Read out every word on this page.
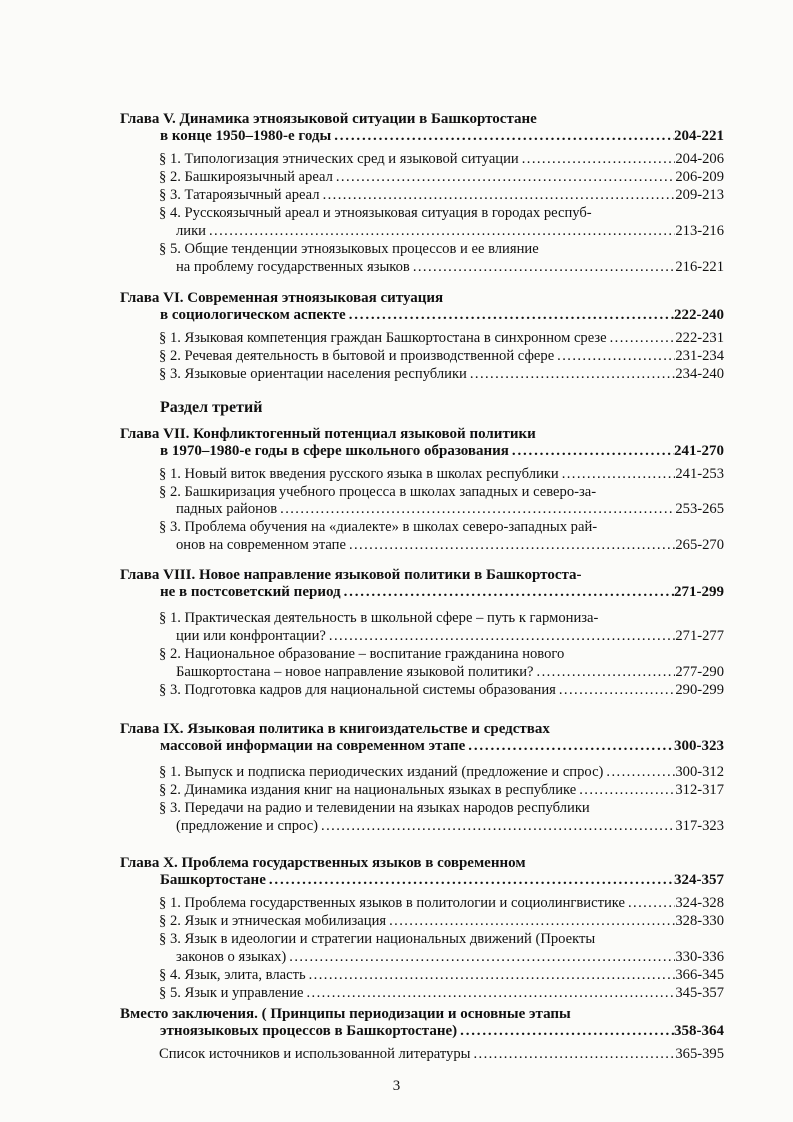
Глава V. Динамика этноязыковой ситуации в Башкортостане
в конце 1950–1980-е годы .....	204-221
§ 1. Типологизация этнических сред и языковой ситуации .....	204-206
§ 2. Башкироязычный ареал .....	206-209
§ 3. Татароязычный ареал .....	209-213
§ 4. Русскоязычный ареал и этноязыковая ситуация в городах респуб-
лики .....	213-216
§ 5. Общие тенденции этноязыковых процессов и ее влияние
на проблему государственных языков .....	216-221
Глава VI. Современная этноязыковая ситуация
в социологическом аспекте .....	222-240
§ 1. Языковая компетенция граждан Башкортостана в синхронном срезе .....	222-231
§ 2. Речевая деятельность в бытовой и производственной сфере .....	231-234
§ 3. Языковые ориентации населения республики .....	234-240
Раздел третий
Глава VII. Конфликтогенный потенциал языковой политики
в 1970–1980-е годы в сфере школьного образования .....	241-270
§ 1. Новый виток введения русского языка в школах республики .....	241-253
§ 2. Башкиризация учебного процесса в школах западных и северо-за-
падных районов .....	253-265
§ 3. Проблема обучения на «диалекте» в школах северо-западных рай-
онов на современном этапе .....	265-270
Глава VIII. Новое направление языковой политики в Башкортоста-
не в постсоветский период .....	271-299
§ 1. Практическая деятельность в школьной сфере – путь к гармониза-
ции или конфронтации? .....	271-277
§ 2. Национальное образование – воспитание гражданина нового
Башкортостана – новое направление языковой политики? .....	277-290
§ 3. Подготовка кадров для национальной системы образования .....	290-299
Глава IX. Языковая политика в книгоиздательстве и средствах
массовой информации на современном этапе .....	300-323
§ 1. Выпуск и подписка периодических изданий (предложение и спрос) .....	300-312
§ 2. Динамика издания книг на национальных языках в республике .....	312-317
§ 3. Передачи на радио и телевидении на языках народов республики
(предложение и спрос) .....	317-323
Глава X. Проблема государственных языков в современном
Башкортостане .....	324-357
§ 1. Проблема государственных языков в политологии и социолингвистике .....	324-328
§ 2. Язык и этническая мобилизация .....	328-330
§ 3. Язык в идеологии и стратегии национальных движений (Проекты
законов о языках) .....	330-336
§ 4. Язык, элита, власть .....	366-345
§ 5. Язык и управление .....	345-357
Вместо заключения. ( Принципы периодизации и основные этапы
этноязыковых процессов в Башкортостане) .....	358-364
Список источников и использованной литературы .....	365-395
3
